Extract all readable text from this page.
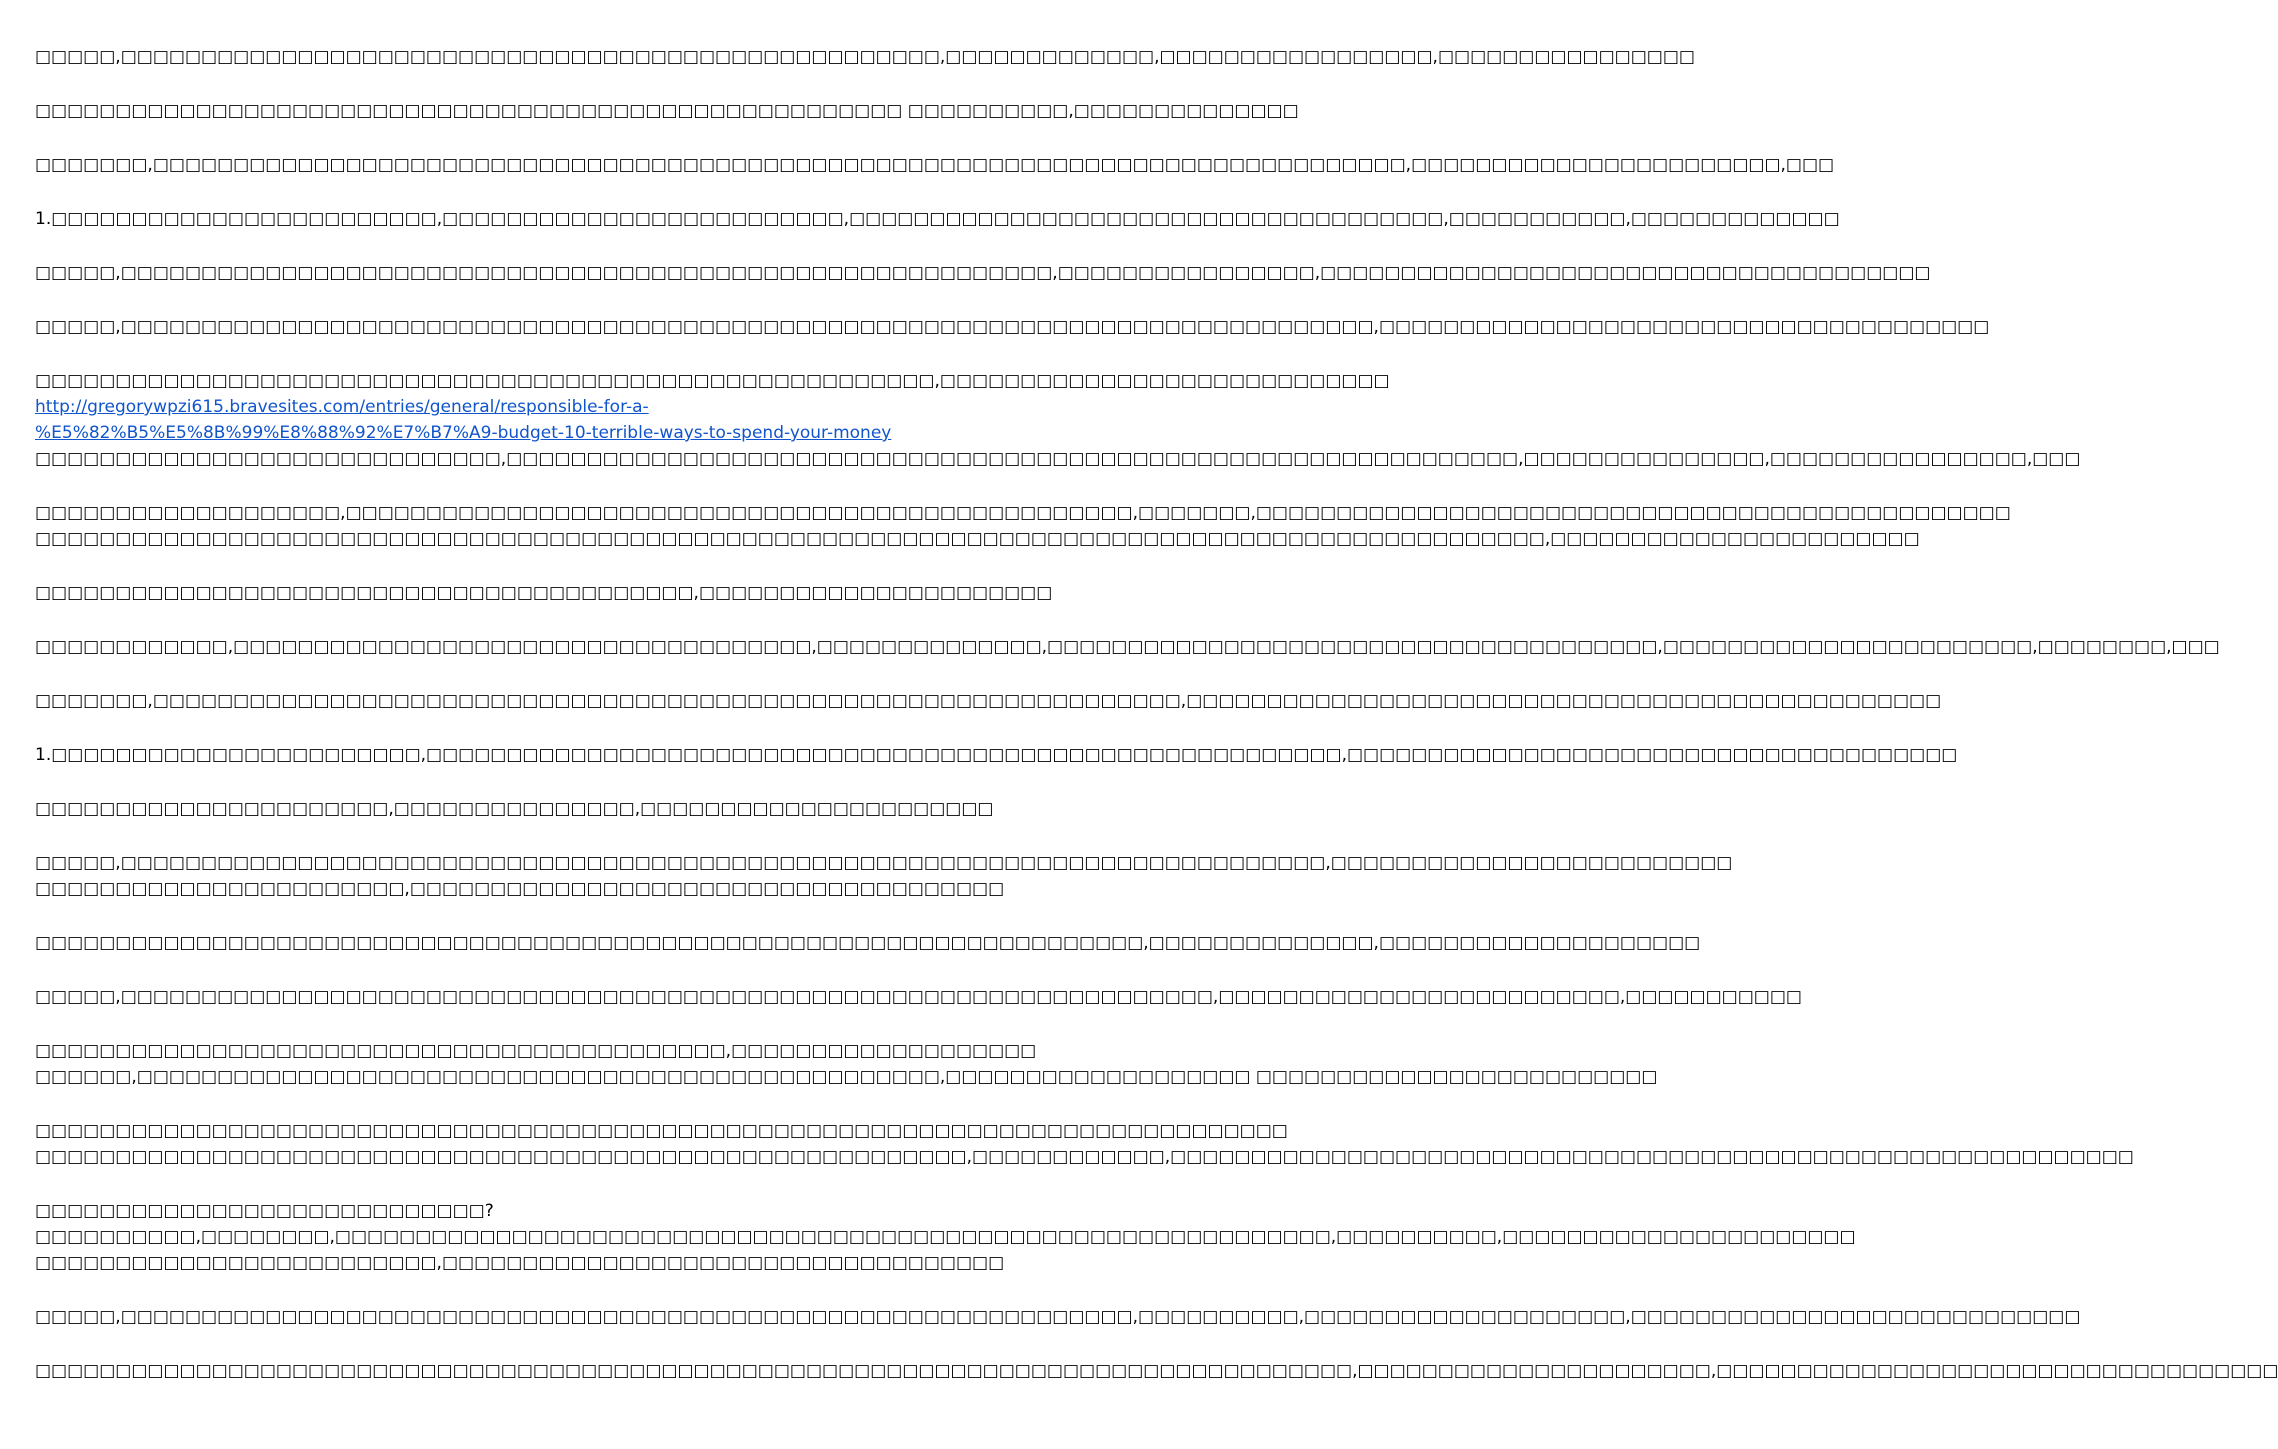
□□□□□,□□□□□□□□□□□□□□□□□□□□□□□□□□□□□□□□□□□□□□□□□□□□□□□□□□□,□□□□□□□□□□□□□,□□□□□□□□□□□□□□□□□,□□□□□□□□□□□□□□□□

□□□□□□□□□□□□□□□□□□□□□□□□□□□□□□□□□□□□□□□□□□□□□□□□□□□□□□ □□□□□□□□□□,□□□□□□□□□□□□□□

□□□□□□□,□□□□□□□□□□□□□□□□□□□□□□□□□□□□□□□□□□□□□□□□□□□□□□□□□□□□□□□□□□□□□□□□□□□□□□□□□□□□□□,□□□□□□□□□□□□□□□□□□□□□□□,□□□

1.□□□□□□□□□□□□□□□□□□□□□□□□,□□□□□□□□□□□□□□□□□□□□□□□□□,□□□□□□□□□□□□□□□□□□□□□□□□□□□□□□□□□□□□□,□□□□□□□□□□□,□□□□□□□□□□□□□

□□□□□,□□□□□□□□□□□□□□□□□□□□□□□□□□□□□□□□□□□□□□□□□□□□□□□□□□□□□□□□□□,□□□□□□□□□□□□□□□□,□□□□□□□□□□□□□□□□□□□□□□□□□□□□□□□□□□□□□□

□□□□□,□□□□□□□□□□□□□□□□□□□□□□□□□□□□□□□□□□□□□□□□□□□□□□□□□□□□□□□□□□□□□□□□□□□□□□□□□□□□□□,□□□□□□□□□□□□□□□□□□□□□□□□□□□□□□□□□□□□□□

□□□□□□□□□□□□□□□□□□□□□□□□□□□□□□□□□□□□□□□□□□□□□□□□□□□□□□□□,□□□□□□□□□□□□□□□□□□□□□□□□□□□□
http://gregorywpzi615.bravesites.com/entries/general/responsible-for-a-
%E5%82%B5%E5%8B%99%E8%88%92%E7%B7%A9-budget-10-terrible-ways-to-spend-your-money
□□□□□□□□□□□□□□□□□□□□□□□□□□□□□,□□□□□□□□□□□□□□□□□□□□□□□□□□□□□□□□□□□□□□□□□□□□□□□□□□□□□□□□□□□□□□□,□□□□□□□□□□□□□□□,□□□□□□□□□□□□□□□□,□□□

□□□□□□□□□□□□□□□□□□□,□□□□□□□□□□□□□□□□□□□□□□□□□□□□□□□□□□□□□□□□□□□□□□□□□,□□□□□□□,□□□□□□□□□□□□□□□□□□□□□□□□□□□□□□□□□□□□□□□□□□□□□□□
□□□□□□□□□□□□□□□□□□□□□□□□□□□□□□□□□□□□□□□□□□□□□□□□□□□□□□□□□□□□□□□□□□□□□□□□□□□□□□□□□□□□□□□□□□□□□□,□□□□□□□□□□□□□□□□□□□□□□□

□□□□□□□□□□□□□□□□□□□□□□□□□□□□□□□□□□□□□□□□□,□□□□□□□□□□□□□□□□□□□□□□

□□□□□□□□□□□□,□□□□□□□□□□□□□□□□□□□□□□□□□□□□□□□□□□□□,□□□□□□□□□□□□□□,□□□□□□□□□□□□□□□□□□□□□□□□□□□□□□□□□□□□□□,□□□□□□□□□□□□□□□□□□□□□□□,□□□□□□□□,□□□

□□□□□□□,□□□□□□□□□□□□□□□□□□□□□□□□□□□□□□□□□□□□□□□□□□□□□□□□□□□□□□□□□□□□□□□□,□□□□□□□□□□□□□□□□□□□□□□□□□□□□□□□□□□□□□□□□□□□□□□□

1.□□□□□□□□□□□□□□□□□□□□□□□,□□□□□□□□□□□□□□□□□□□□□□□□□□□□□□□□□□□□□□□□□□□□□□□□□□□□□□□□□,□□□□□□□□□□□□□□□□□□□□□□□□□□□□□□□□□□□□□□

□□□□□□□□□□□□□□□□□□□□□□,□□□□□□□□□□□□□□□,□□□□□□□□□□□□□□□□□□□□□□

□□□□□,□□□□□□□□□□□□□□□□□□□□□□□□□□□□□□□□□□□□□□□□□□□□□□□□□□□□□□□□□□□□□□□□□□□□□□□□□□□,□□□□□□□□□□□□□□□□□□□□□□□□□
□□□□□□□□□□□□□□□□□□□□□□□,□□□□□□□□□□□□□□□□□□□□□□□□□□□□□□□□□□□□□

□□□□□□□□□□□□□□□□□□□□□□□□□□□□□□□□□□□□□□□□□□□□□□□□□□□□□□□□□□□□□□□□□□□□□,□□□□□□□□□□□□□□,□□□□□□□□□□□□□□□□□□□□

□□□□□,□□□□□□□□□□□□□□□□□□□□□□□□□□□□□□□□□□□□□□□□□□□□□□□□□□□□□□□□□□□□□□□□□□□□,□□□□□□□□□□□□□□□□□□□□□□□□□,□□□□□□□□□□□

□□□□□□□□□□□□□□□□□□□□□□□□□□□□□□□□□□□□□□□□□□□,□□□□□□□□□□□□□□□□□□□
□□□□□□,□□□□□□□□□□□□□□□□□□□□□□□□□□□□□□□□□□□□□□□□□□□□□□□□□□,□□□□□□□□□□□□□□□□□□□ □□□□□□□□□□□□□□□□□□□□□□□□□

□□□□□□□□□□□□□□□□□□□□□□□□□□□□□□□□□□□□□□□□□□□□□□□□□□□□□□□□□□□□□□□□□□□□□□□□□□□□□□
□□□□□□□□□□□□□□□□□□□□□□□□□□□□□□□□□□□□□□□□□□□□□□□□□□□□□□□□□□,□□□□□□□□□□□□,□□□□□□□□□□□□□□□□□□□□□□□□□□□□□□□□□□□□□□□□□□□□□□□□□□□□□□□□□□□□

□□□□□□□□□□□□□□□□□□□□□□□□□□□□?
□□□□□□□□□□,□□□□□□□□,□□□□□□□□□□□□□□□□□□□□□□□□□□□□□□□□□□□□□□□□□□□□□□□□□□□□□□□□□□□□□□,□□□□□□□□□□,□□□□□□□□□□□□□□□□□□□□□□
□□□□□□□□□□□□□□□□□□□□□□□□□,□□□□□□□□□□□□□□□□□□□□□□□□□□□□□□□□□□□

□□□□□,□□□□□□□□□□□□□□□□□□□□□□□□□□□□□□□□□□□□□□□□□□□□□□□□□□□□□□□□□□□□□□□,□□□□□□□□□□,□□□□□□□□□□□□□□□□□□□□,□□□□□□□□□□□□□□□□□□□□□□□□□□□□

□□□□□□□□□□□□□□□□□□□□□□□□□□□□□□□□□□□□□□□□□□□□□□□□□□□□□□□□□□□□□□□□□□□□□□□□□□□□□□□□□□,□□□□□□□□□□□□□□□□□□□□□□,□□□□□□□□□□□□□□□□□□□□□□□□□□□□□□□□□□□
